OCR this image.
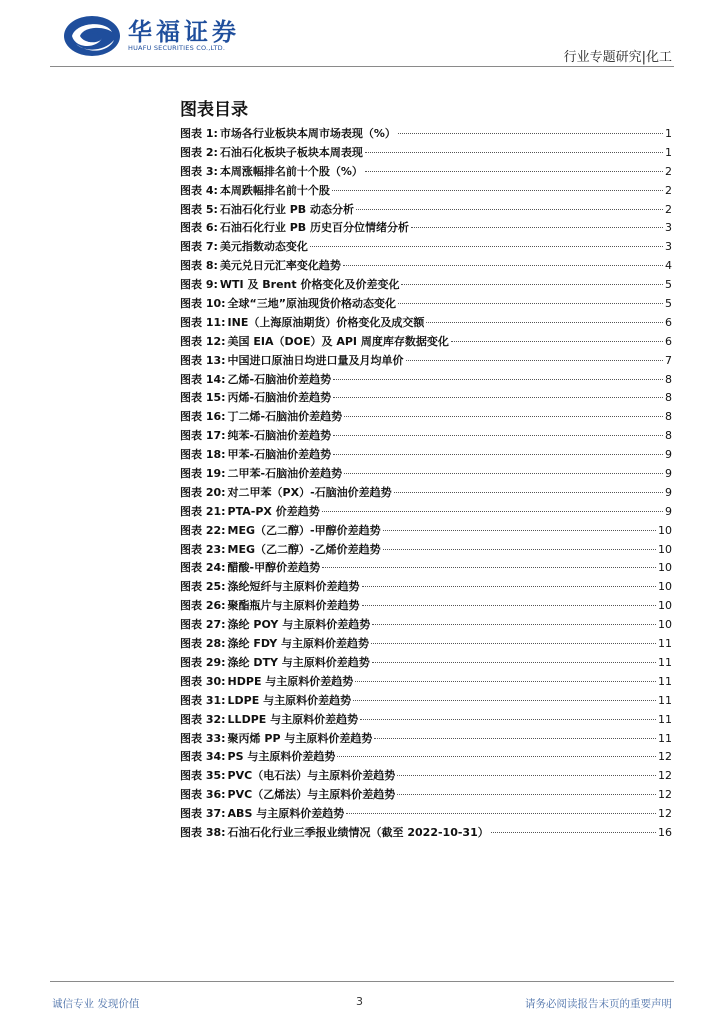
华福证券
HUAFU SECURITIES CO.,LTD.
行业专题研究|化工
图表目录
图表 1: 市场各行业板块本周市场表现（%）	1
图表 2: 石油石化板块子板块本周表现	1
图表 3: 本周涨幅排名前十个股（%）	2
图表 4: 本周跌幅排名前十个股	2
图表 5: 石油石化行业 PB 动态分析	2
图表 6: 石油石化行业 PB 历史百分位情绪分析	3
图表 7: 美元指数动态变化	3
图表 8: 美元兑日元汇率变化趋势	4
图表 9: WTI 及 Brent 价格变化及价差变化	5
图表 10: 全球“三地”原油现货价格动态变化	5
图表 11: INE（上海原油期货）价格变化及成交额	6
图表 12: 美国 EIA（DOE）及 API 周度库存数据变化	6
图表 13: 中国进口原油日均进口量及月均单价	7
图表 14: 乙烯-石脑油价差趋势	8
图表 15: 丙烯-石脑油价差趋势	8
图表 16: 丁二烯-石脑油价差趋势	8
图表 17: 纯苯-石脑油价差趋势	8
图表 18: 甲苯-石脑油价差趋势	9
图表 19: 二甲苯-石脑油价差趋势	9
图表 20: 对二甲苯（PX）-石脑油价差趋势	9
图表 21: PTA-PX 价差趋势	9
图表 22: MEG（乙二醇）-甲醇价差趋势	10
图表 23: MEG（乙二醇）-乙烯价差趋势	10
图表 24: 醋酸-甲醇价差趋势	10
图表 25: 涤纶短纤与主原料价差趋势	10
图表 26: 聚酯瓶片与主原料价差趋势	10
图表 27: 涤纶 POY 与主原料价差趋势	10
图表 28: 涤纶 FDY 与主原料价差趋势	11
图表 29: 涤纶 DTY 与主原料价差趋势	11
图表 30: HDPE 与主原料价差趋势	11
图表 31: LDPE 与主原料价差趋势	11
图表 32: LLDPE 与主原料价差趋势	11
图表 33: 聚丙烯 PP 与主原料价差趋势	11
图表 34: PS 与主原料价差趋势	12
图表 35: PVC（电石法）与主原料价差趋势	12
图表 36: PVC（乙烯法）与主原料价差趋势	12
图表 37: ABS 与主原料价差趋势	12
图表 38: 石油石化行业三季报业绩情况（截至 2022-10-31）	16
诚信专业 发现价值	3	请务必阅读报告末页的重要声明
